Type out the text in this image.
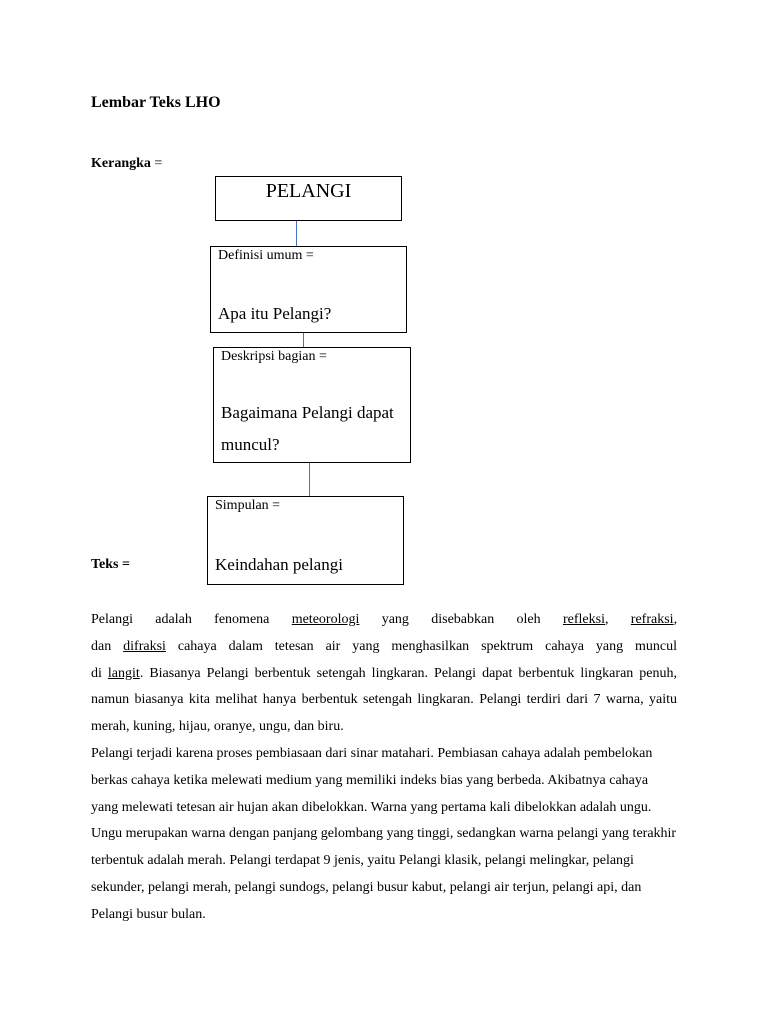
Lembar Teks LHO
Kerangka =
PELANGI
Definisi umum =
Apa itu Pelangi?
Deskripsi bagian =
Bagaimana Pelangi dapat muncul?
Simpulan =
Keindahan pelangi
Teks =

Pelangi adalah fenomena meteorologi yang disebabkan oleh refleksi, refraksi,

dan difraksi cahaya dalam tetesan air yang menghasilkan spektrum cahaya yang muncul

di langit. Biasanya Pelangi berbentuk setengah lingkaran. Pelangi dapat berbentuk lingkaran penuh, namun biasanya kita melihat hanya berbentuk setengah lingkaran. Pelangi terdiri dari 7 warna, yaitu merah, kuning, hijau, oranye, ungu, dan biru.

Pelangi terjadi karena proses pembiasaan dari sinar matahari. Pembiasan cahaya adalah pembelokan berkas cahaya ketika melewati medium yang memiliki indeks bias yang berbeda. Akibatnya cahaya yang melewati tetesan air hujan akan dibelokkan. Warna yang pertama kali dibelokkan adalah ungu. Ungu merupakan warna dengan panjang gelombang yang tinggi, sedangkan warna pelangi yang terakhir terbentuk adalah merah. Pelangi terdapat 9 jenis, yaitu Pelangi klasik, pelangi melingkar, pelangi sekunder, pelangi merah, pelangi sundogs, pelangi busur kabut, pelangi air terjun, pelangi api, dan Pelangi busur bulan.
